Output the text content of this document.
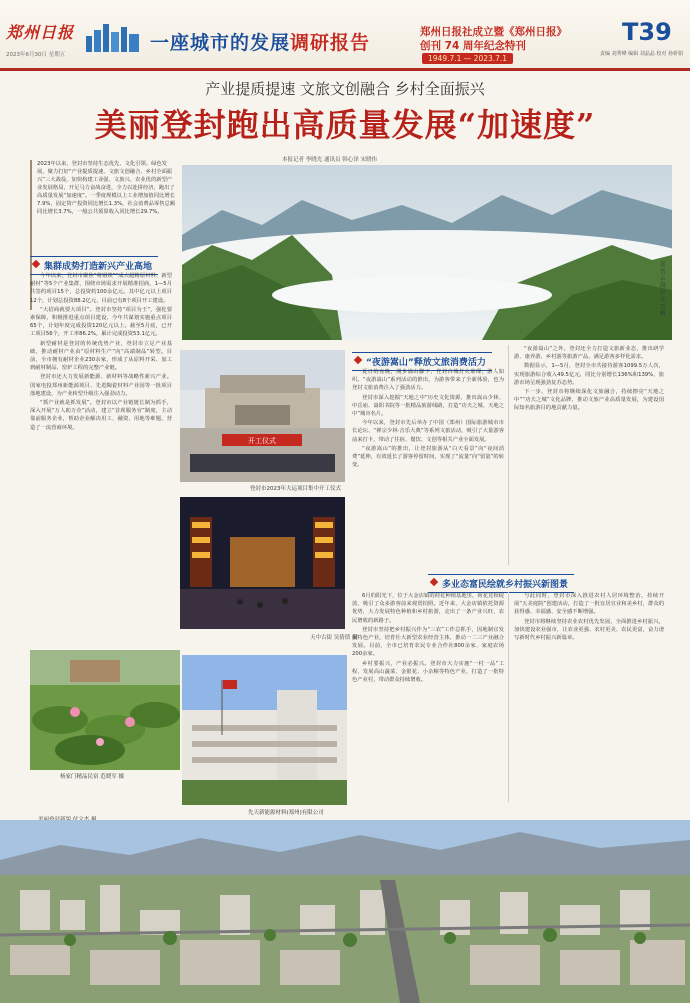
郑州日报
2023年6月30日 星期五
一座城市的发展调研报告	郑州日报社成立暨《郑州日报》
创刊 74 周年纪念特刊
1949.7.1 — 2023.7.1
T39
责编 刘秀峰 编辑 刘晶晶 校对 孙妍娟
产业提质提速 文旅文创融合 乡村全面振兴
美丽登封跑出高质量发展“加速度”
本报记者 李晓光 通讯员 韩心泽 宋晓伟

2023年以来，登封市坚持生态优先、文化引领、绿色发展，聚力打好“产业提质提速、文旅文创融合、乡村全面振兴”三大战役，加快构建工业强、文旅兴、农业优的新型产业发展格局，开足马力奋战奋进，全力以赴拼经济，跑出了高质量发展“加速度”。一季度规模以上工业增加值同比增长7.9%，固定资产投资同比增长1.3%，社会消费品零售总额同比增长3.7%，一般公共预算收入同比增长29.7%。

嵩岳云海 付文杰 摄
集群成势打造新兴产业高地

今年以来，登封市聚焦“将钢铁”“成大超精原材料、新型耐材”等5个产业集群，围绕市场需求开展精准招商，1—5月共签约项目15个，总投资约100余亿元。其中亿元以上项目12个，计划总投资88.2亿元，目前已有8个项目开工建设。

“大招商就要大项目”。登封市坚持“项目为王”，强化要素保障，积极推进重点项目建设，今年共谋划实施重点项目65个，计划年度完成投资120亿元以上。截至5月底，已开工项目56个，开工率86.2%，累计完成投资53.1亿元。

新型耐材是登封的传统优势产业，登封市立足产业基础，推动耐材产业由“原材料生产”向“高端制品”转型。目前，全市拥有耐材企业230余家，形成了从原料开采、加工到耐材制品、窑炉工程的完整产业链。

登封市还大力发展新能源、新材料等战略性新兴产业。国家电投郑州新能源项目、先进陶瓷材料产业园等一批项目落地建设，为产业转型升级注入强劲动力。

“抓产业就是抓发展”。登封市以产业链链长制为抓手，深入开展“万人助万企”活动，建立“首席服务官”制度，主动靠前服务企业，帮助企业解决用工、融资、用地等难题，营造了一流营商环境。

开工仪式
登封市2023年大运项目集中开工仪式
天中古街 吴倩倩 摄
杨家门精品民宿 范晓军 摄
先天新能源材料(郑州)有限公司
“夜游嵩山”释放文旅消费活力

夏日的夜晚，漫步嵩山脚下，登封古城灯火璀璨，游人如织。“夜游嵩山”系列活动的推出，为游客带来了全新体验，也为登封文旅消费注入了强劲活力。

登封市深入挖掘“天地之中”历史文化资源，推出嵩山少林、中岳庙、嵩阳书院等一批精品旅游线路，打造“功夫之城、天地之中”城市名片。

今年以来，登封市先后举办了中国（郑州）国际旅游城市市长论坛、“禅宗少林·音乐大典”等系列文旅活动，吸引了大量游客前来打卡，带动了住宿、餐饮、文创等相关产业全面发展。

“夜游嵩山”的推出，让登封旅游从“白天看景”向“夜间消费”延伸，有效延长了游客停留时间，实现了“流量”向“留量”的转变。

“夜游嵩山”之外，登封还全力打造文旅新业态，推出研学游、康养游、乡村游等旅游产品，满足游客多样化需求。

数据显示，1—5月，登封全市共接待游客1099.5万人次，实现旅游综合收入49.5亿元，同比分别增长136%和139%，旅游市场呈现强劲复苏态势。

下一步，登封市将继续深化文旅融合，持续擦亮“天地之中”“功夫之城”文化品牌，推动文旅产业高质量发展，为建设国际知名旅游目的地贡献力量。

多业态富民绘就乡村振兴新图景

6月的阳光下，位于大金店镇的荷花种植基地里，荷花竞相绽放，吸引了众多游客前来观赏拍照。近年来，大金店镇依托资源优势，大力发展特色种植和乡村旅游，走出了一条产业兴旺、农民增收的新路子。

登封市坚持把乡村振兴作为“三农”工作总抓手，因地制宜发展特色产业，培育壮大新型农业经营主体，推动一二三产业融合发展。目前，全市已培育农民专业合作社800余家、家庭农场200余家。

乡村要振兴，产业必振兴。登封市大力实施“一村一品”工程，发展高山蔬菜、金银花、小杂粮等特色产业，打造了一批特色产业村，带动群众持续增收。

与此同时，登封市深入推进农村人居环境整治，持续开展“五美庭院”创建活动，打造了一批宜居宜业和美乡村，群众的获得感、幸福感、安全感不断增强。

登封市将继续坚持农业农村优先发展，全面推进乡村振兴，加快建设农业强市，让农业更强、农村更美、农民更富，奋力谱写新时代乡村振兴新篇章。
